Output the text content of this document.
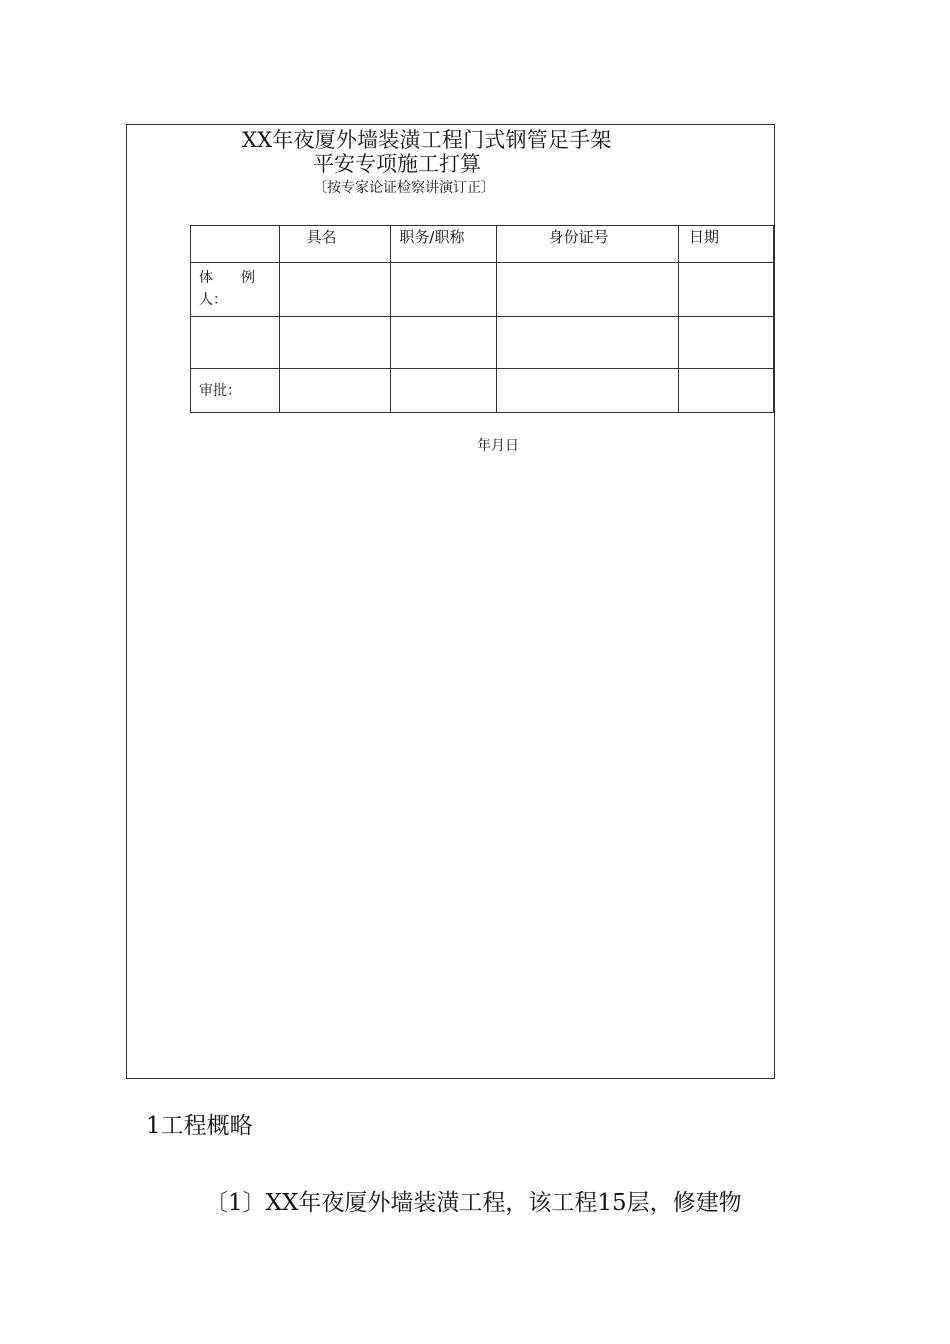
XX年夜厦外墙装潢工程门式钢管足手架
平安专项施工打算
〔按专家论证检察讲演订正〕
	具名	职务/职称	身份证号	日期
体　　例人：				

审批：				
年月日
1工程概略
〔1〕XX年夜厦外墙装潢工程，该工程15层，修建物
